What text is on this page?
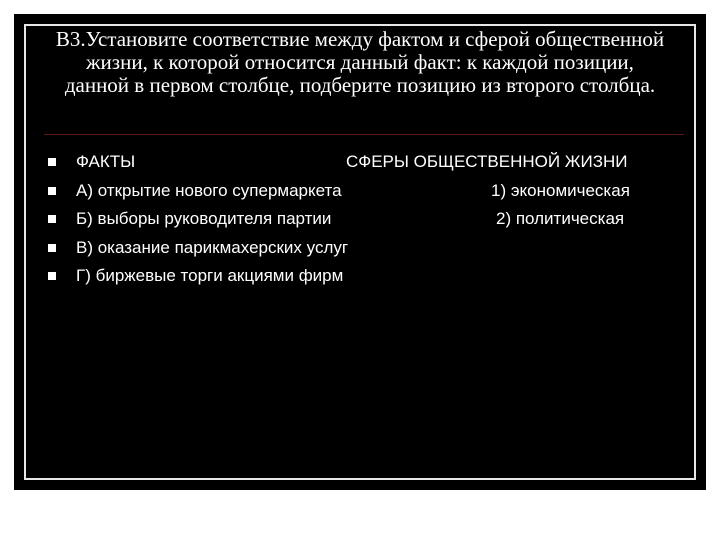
В3.Установите соответствие между фактом и сферой общественной жизни, к которой относится данный факт: к каждой позиции, данной в первом столбце, подберите позицию из второго столбца.
ФАКТЫ	СФЕРЫ ОБЩЕСТВЕННОЙ ЖИЗНИ
А) открытие нового супермаркета	1) экономическая
Б) выборы руководителя партии	2) политическая
В) оказание парикмахерских услуг
Г) биржевые торги акциями фирм
